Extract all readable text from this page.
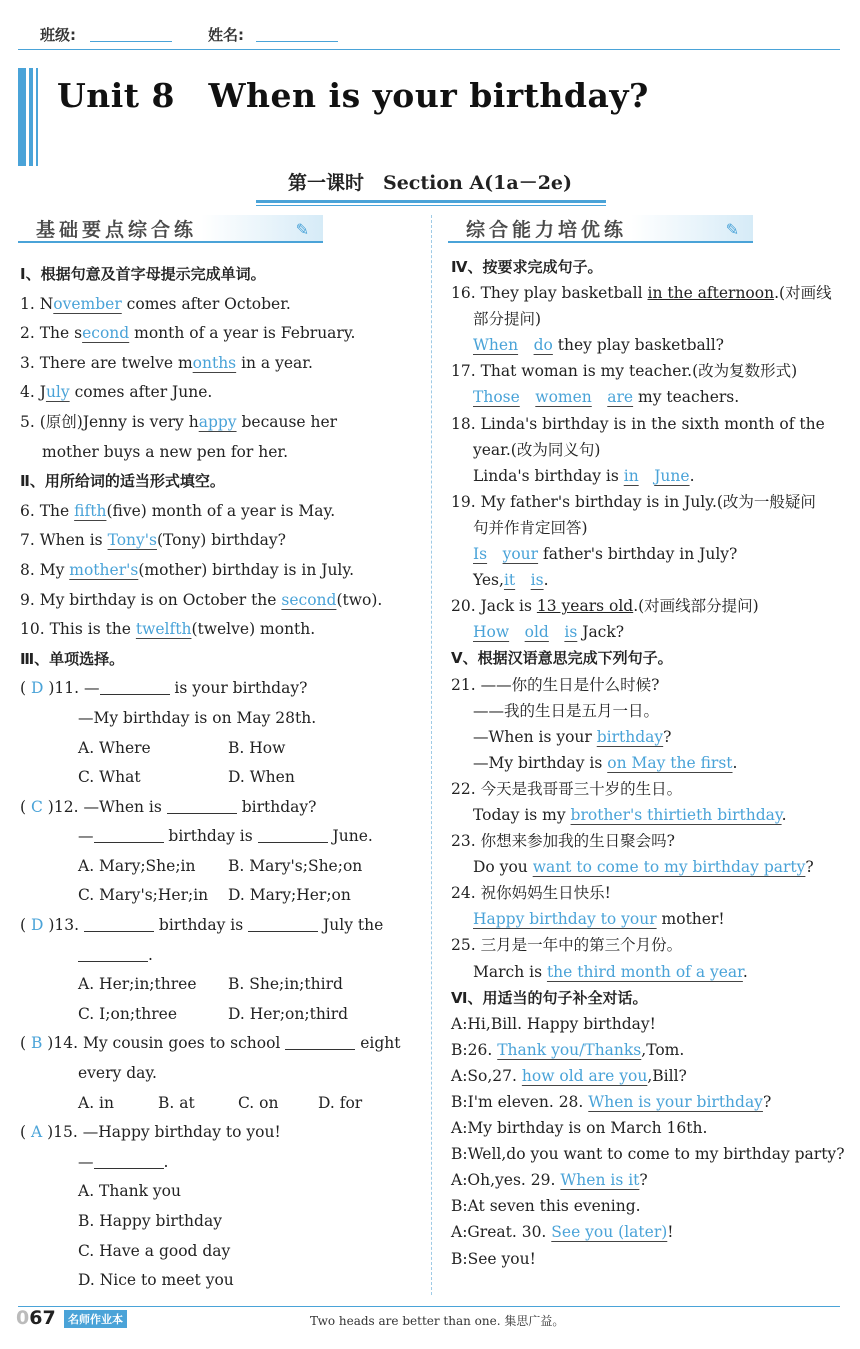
班级:	姓名:
Unit 8　When is your birthday?
第一课时　Section A(1a－2e)
基础要点综合练	✎	综合能力培优练	✎
Ⅰ、根据句意及首字母提示完成单词。
1. November comes after October.
2. The second month of a year is February.
3. There are twelve months in a year.
4. July comes after June.
5. (原创)Jenny is very happy because her
mother buys a new pen for her.
Ⅱ、用所给词的适当形式填空。
6. The fifth(five) month of a year is May.
7. When is Tony's(Tony) birthday?
8. My mother's(mother) birthday is in July.
9. My birthday is on October the second(two).
10. This is the twelfth(twelve) month.
Ⅲ、单项选择。
( D )11. —	is your birthday?
—My birthday is on May 28th.
A. Where	B. How
C. What	D. When
( C )12. —When is	birthday?
—	birthday is	June.
A. Mary;She;in B. Mary's;She;on
C. Mary's;Her;in D. Mary;Her;on
( D )13.	birthday is	July the
.
A. Her;in;three B. She;in;third
C. I;on;three	D. Her;on;third
( B )14. My cousin goes to school	eight
every day.
A. in	B. at	C. on	D. for
( A )15. —Happy birthday to you!
—	.
A. Thank you
B. Happy birthday
C. Have a good day
D. Nice to meet you
Ⅳ、按要求完成句子。
16. They play basketball in the afternoon.(对画线
部分提问)
When　 do they play basketball?
17. That woman is my teacher.(改为复数形式)
Those　 women　 are my teachers.
18. Linda's birthday is in the sixth month of the
year.(改为同义句)
Linda's birthday is in　 June.
19. My father's birthday is in July.(改为一般疑问
句并作肯定回答)
Is　 your father's birthday in July?
Yes,it　 is.
20. Jack is 13 years old.(对画线部分提问)
How　 old　 is Jack?
Ⅴ、根据汉语意思完成下列句子。
21. ——你的生日是什么时候?
——我的生日是五月一日。
—When is your birthday?
—My birthday is on May the first.
22. 今天是我哥哥三十岁的生日。
Today is my brother's thirtieth birthday.
23. 你想来参加我的生日聚会吗?
Do you want to come to my birthday party?
24. 祝你妈妈生日快乐!
Happy birthday to your mother!
25. 三月是一年中的第三个月份。
March is the third month of a year.
Ⅵ、用适当的句子补全对话。
A:Hi,Bill. Happy birthday!
B:26. Thank you/Thanks,Tom.
A:So,27. how old are you,Bill?
B:I'm eleven. 28. When is your birthday?
A:My birthday is on March 16th.
B:Well,do you want to come to my birthday party?
A:Oh,yes. 29. When is it?
B:At seven this evening.
A:Great. 30. See you (later)!
B:See you!
067	名师作业本	Two heads are better than one. 集思广益。
